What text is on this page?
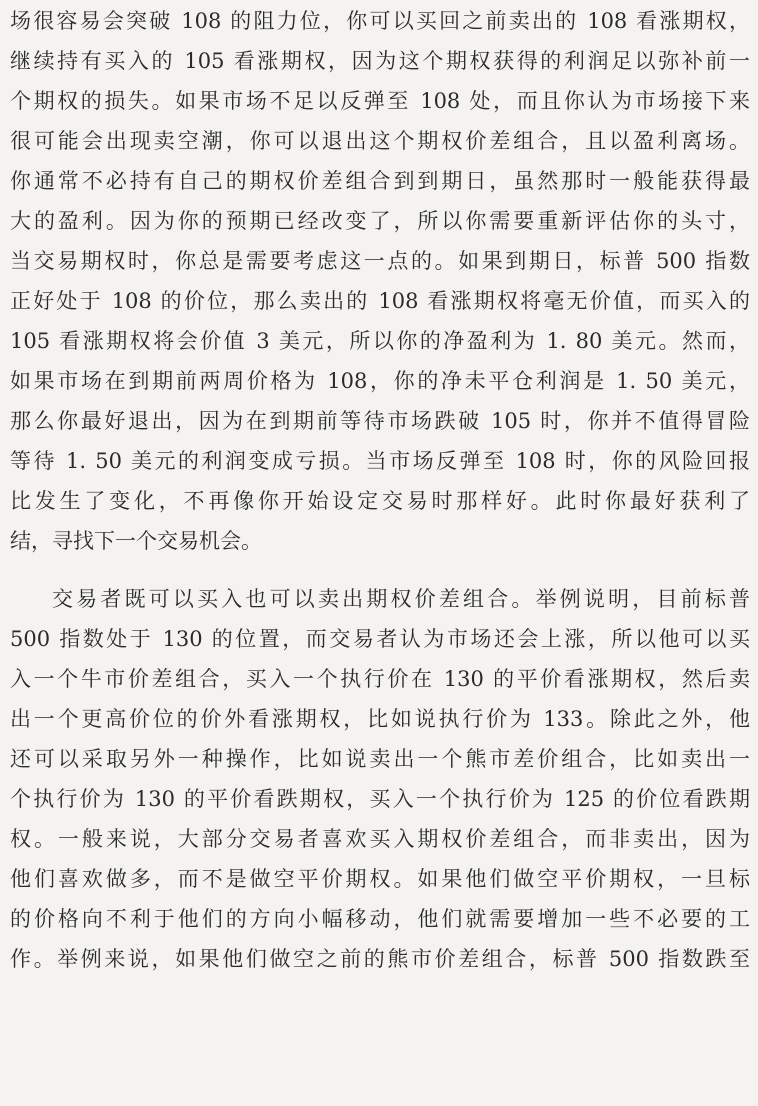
场很容易会突破 108 的阻力位，你可以买回之前卖出的 108 看涨期权，
继续持有买入的 105 看涨期权，因为这个期权获得的利润足以弥补前一
个期权的损失。如果市场不足以反弹至 108 处，而且你认为市场接下来
很可能会出现卖空潮，你可以退出这个期权价差组合，且以盈利离场。
你通常不必持有自己的期权价差组合到到期日，虽然那时一般能获得最
大的盈利。因为你的预期已经改变了，所以你需要重新评估你的头寸，
当交易期权时，你总是需要考虑这一点的。如果到期日，标普 500 指数
正好处于 108 的价位，那么卖出的 108 看涨期权将毫无价值，而买入的
105 看涨期权将会价值 3 美元，所以你的净盈利为 1. 80 美元。然而，
如果市场在到期前两周价格为 108，你的净未平仓利润是 1. 50 美元，
那么你最好退出，因为在到期前等待市场跌破 105 时，你并不值得冒险
等待 1. 50 美元的利润变成亏损。当市场反弹至 108 时，你的风险回报
比发生了变化，不再像你开始设定交易时那样好。此时你最好获利了
结，寻找下一个交易机会。
交易者既可以买入也可以卖出期权价差组合。举例说明，目前标普
500 指数处于 130 的位置，而交易者认为市场还会上涨，所以他可以买
入一个牛市价差组合，买入一个执行价在 130 的平价看涨期权，然后卖
出一个更高价位的价外看涨期权，比如说执行价为 133。除此之外，他
还可以采取另外一种操作，比如说卖出一个熊市差价组合，比如卖出一
个执行价为 130 的平价看跌期权，买入一个执行价为 125 的价位看跌期
权。一般来说，大部分交易者喜欢买入期权价差组合，而非卖出，因为
他们喜欢做多，而不是做空平价期权。如果他们做空平价期权，一旦标
的价格向不利于他们的方向小幅移动，他们就需要增加一些不必要的工
作。举例来说，如果他们做空之前的熊市价差组合，标普 500 指数跌至
